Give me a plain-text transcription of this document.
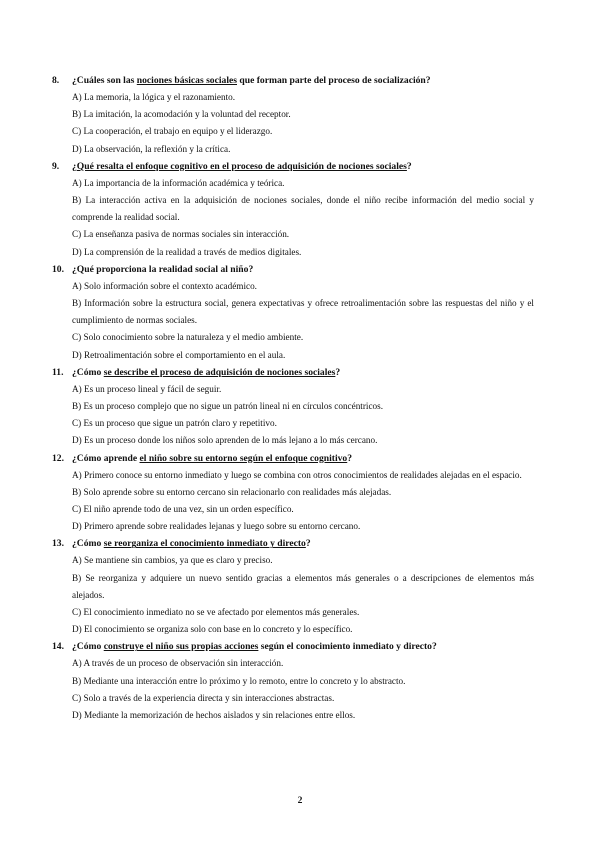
8.	¿Cuáles son las nociones básicas sociales que forman parte del proceso de socialización?
A) La memoria, la lógica y el razonamiento.
B) La imitación, la acomodación y la voluntad del receptor.
C) La cooperación, el trabajo en equipo y el liderazgo.
D) La observación, la reflexión y la crítica.
9.	¿Qué resalta el enfoque cognitivo en el proceso de adquisición de nociones sociales?
A) La importancia de la información académica y teórica.
B) La interacción activa en la adquisición de nociones sociales, donde el niño recibe información del medio social y comprende la realidad social.
C) La enseñanza pasiva de normas sociales sin interacción.
D) La comprensión de la realidad a través de medios digitales.
10. ¿Qué proporciona la realidad social al niño?
A) Solo información sobre el contexto académico.
B) Información sobre la estructura social, genera expectativas y ofrece retroalimentación sobre las respuestas del niño y el cumplimiento de normas sociales.
C) Solo conocimiento sobre la naturaleza y el medio ambiente.
D) Retroalimentación sobre el comportamiento en el aula.
11. ¿Cómo se describe el proceso de adquisición de nociones sociales?
A) Es un proceso lineal y fácil de seguir.
B) Es un proceso complejo que no sigue un patrón lineal ni en círculos concéntricos.
C) Es un proceso que sigue un patrón claro y repetitivo.
D) Es un proceso donde los niños solo aprenden de lo más lejano a lo más cercano.
12. ¿Cómo aprende el niño sobre su entorno según el enfoque cognitivo?
A) Primero conoce su entorno inmediato y luego se combina con otros conocimientos de realidades alejadas en el espacio.
B) Solo aprende sobre su entorno cercano sin relacionarlo con realidades más alejadas.
C) El niño aprende todo de una vez, sin un orden específico.
D) Primero aprende sobre realidades lejanas y luego sobre su entorno cercano.
13. ¿Cómo se reorganiza el conocimiento inmediato y directo?
A) Se mantiene sin cambios, ya que es claro y preciso.
B) Se reorganiza y adquiere un nuevo sentido gracias a elementos más generales o a descripciones de elementos más alejados.
C) El conocimiento inmediato no se ve afectado por elementos más generales.
D) El conocimiento se organiza solo con base en lo concreto y lo específico.
14. ¿Cómo construye el niño sus propias acciones según el conocimiento inmediato y directo?
A) A través de un proceso de observación sin interacción.
B) Mediante una interacción entre lo próximo y lo remoto, entre lo concreto y lo abstracto.
C) Solo a través de la experiencia directa y sin interacciones abstractas.
D) Mediante la memorización de hechos aislados y sin relaciones entre ellos.
2
